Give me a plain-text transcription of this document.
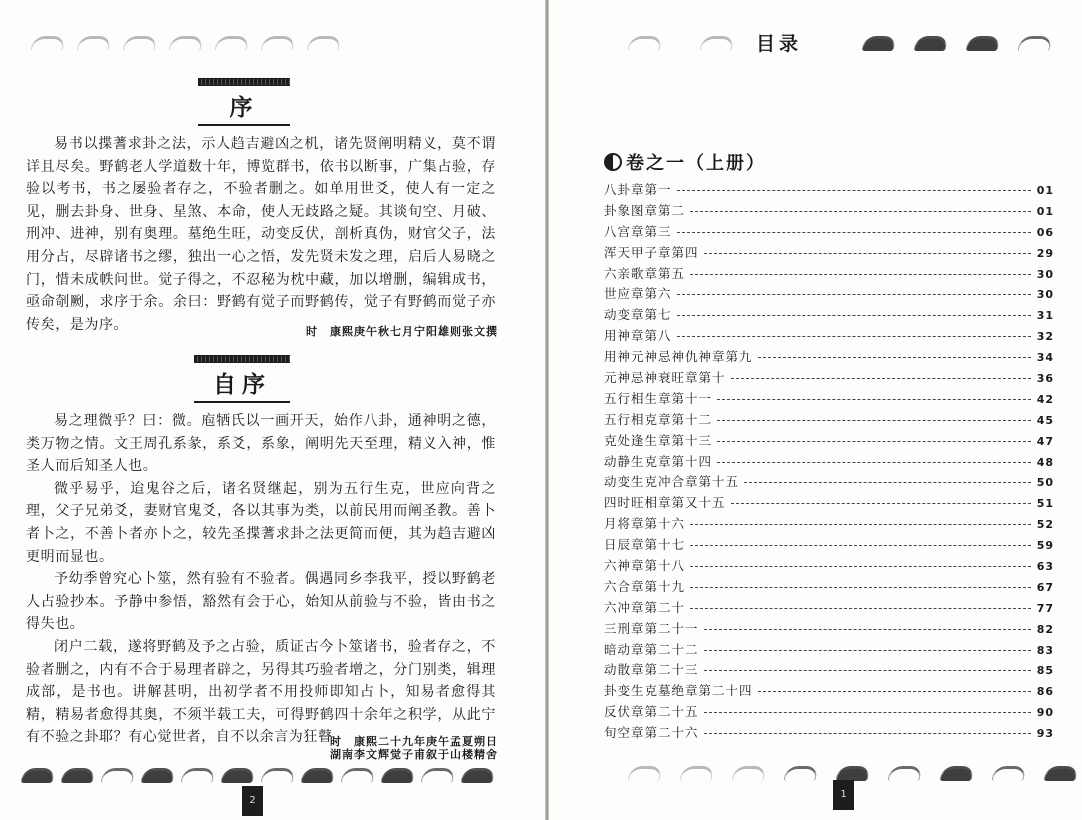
序

易书以揲蓍求卦之法，示人趋吉避凶之机，诸先贤阐明精义，莫不谓详且尽矣。野鹤老人学道数十年，博览群书，依书以断事，广集占验，存验以考书，书之屡验者存之，不验者删之。如单用世爻，使人有一定之见，删去卦身、世身、星煞、本命，使人无歧路之疑。其谈旬空、月破、刑冲、进神，别有奥理。墓绝生旺，动变反伏，剖析真伪，财官父子，法用分占，尽辟诸书之缪，独出一心之悟，发先贤未发之理，启后人易晓之门，惜未成帙问世。觉子得之，不忍秘为枕中藏，加以增删，编辑成书，亟命剞劂，求序于余。余曰：野鹤有觉子而野鹤传，觉子有野鹤而觉子亦传矣，是为序。	时　康熙庚午秋七月宁阳雄则张文撰
自序

易之理微乎？曰：微。庖牺氏以一画开天，始作八卦，通神明之德，类万物之情。文王周孔系彖，系爻，系象，阐明先天至理，精义入神，惟圣人而后知圣人也。

微乎易乎，迨鬼谷之后，诸名贤继起，别为五行生克，世应向背之理，父子兄弟爻，妻财官鬼爻，各以其事为类，以前民用而阐圣教。善卜者卜之，不善卜者亦卜之，较先圣揲蓍求卦之法更简而便，其为趋吉避凶更明而显也。

予幼季曾究心卜筮，然有验有不验者。偶遇同乡李我平，授以野鹤老人占验抄本。予静中参悟，豁然有会于心，始知从前验与不验，皆由书之得失也。

闭户二载，遂将野鹤及予之占验，质证古今卜筮诸书，验者存之，不验者删之，内有不合于易理者辟之，另得其巧验者增之，分门别类，辑理成部，是书也。讲解甚明，出初学者不用投师即知占卜，知易者愈得其精，精易者愈得其奥，不须半载工夫，可得野鹤四十余年之积学，从此宁有不验之卦耶？有心觉世者，自不以余言为狂瞽。

时　康熙二十九年庚午孟夏朔日
湖南李文辉觉子甫叙于山楼精舍
2
1
目录
卷之一（上册）
八卦章第一	01
卦象图章第二	01
八宫章第三	06
浑天甲子章第四	29
六亲歌章第五	30
世应章第六	30
动变章第七	31
用神章第八	32
用神元神忌神仇神章第九	34
元神忌神衰旺章第十	36
五行相生章第十一	42
五行相克章第十二	45
克处逢生章第十三	47
动静生克章第十四	48
动变生克冲合章第十五	50
四时旺相章第又十五	51
月将章第十六	52
日辰章第十七	59
六神章第十八	63
六合章第十九	67
六冲章第二十	77
三刑章第二十一	82
暗动章第二十二	83
动散章第二十三	85
卦变生克墓绝章第二十四	86
反伏章第二十五	90
旬空章第二十六	93
